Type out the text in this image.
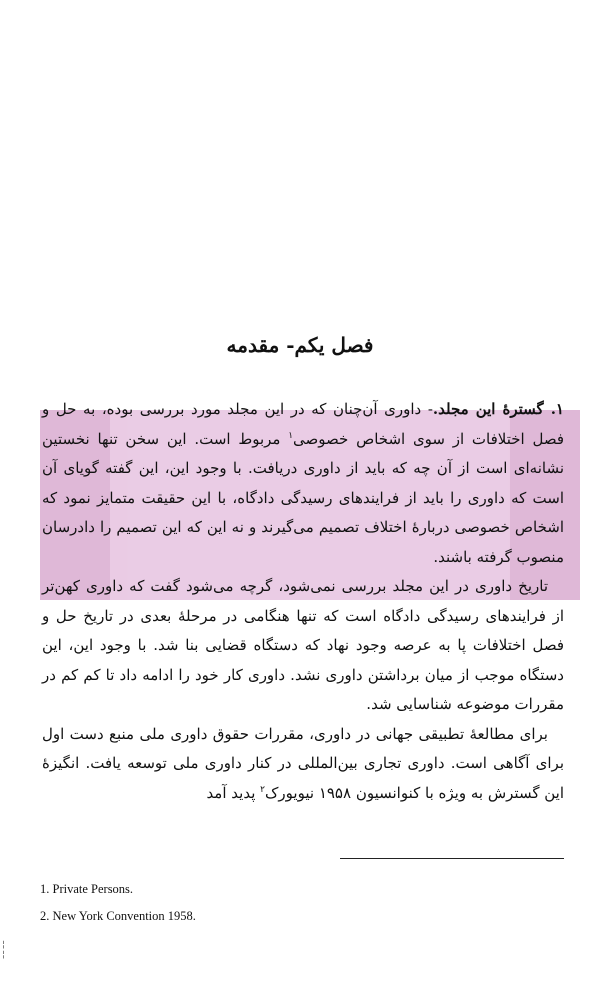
فصل یکم- مقدمه

۱. گسترهٔ این مجلد.- داوری آن‌چنان که در این مجلد مورد بررسی بوده، به حل و فصل اختلافات از سوی اشخاص خصوصی$^۱$ مربوط است. این سخن تنها نخستین نشانه‌ای است از آن چه که باید از داوری دریافت. با وجود این، این گفته گویای آن است که داوری را باید از فرایندهای رسیدگی دادگاه، با این حقیقت متمایز نمود که اشخاص خصوصی دربارهٔ اختلاف تصمیم می‌گیرند و نه این که این تصمیم را دادرسان منصوب گرفته باشند.

تاریخ داوری در این مجلد بررسی نمی‌شود، گرچه می‌شود گفت که داوری کهن‌تر از فرایندهای رسیدگی دادگاه است که تنها هنگامی در مرحلهٔ بعدی در تاریخ حل و فصل اختلافات پا به عرصه وجود نهاد که دستگاه قضایی بنا شد. با وجود این، این دستگاه موجب از میان برداشتن داوری نشد. داوری کار خود را ادامه داد تا کم کم در مقررات موضوعه شناسایی شد.

برای مطالعهٔ تطبیقی جهانی در داوری، مقررات حقوق داوری ملی منبع دست اول برای آگاهی است. داوری تجاری بین‌المللی در کنار داوری ملی توسعه یافت. انگیزهٔ این گسترش به ویژه با کنوانسیون ۱۹۵۸ نیویورک$^۲$ پدید آمد

1. Private Persons.
2. New York Convention 1958.
¦
¦
